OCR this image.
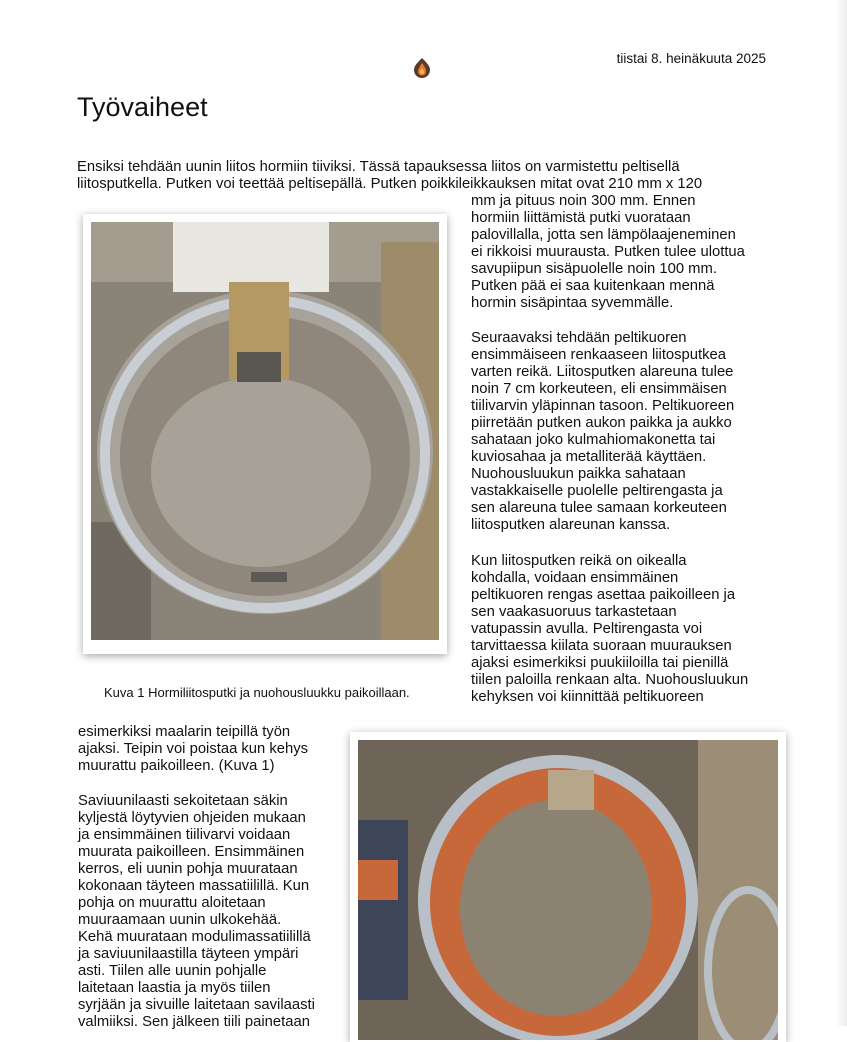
tiistai 8. heinäkuuta 2025
Työvaiheet

Ensiksi tehdään uunin liitos hormiin tiiviksi. Tässä tapauksessa liitos on varmistettu peltisellä
liitosputkella. Putken voi teettää peltisepällä. Putken poikkileikkauksen mitat ovat 210 mm x 120

mm ja pituus noin 300 mm. Ennen
hormiin liittämistä putki vuorataan
palovillalla, jotta sen lämpölaajeneminen
ei rikkoisi muurausta. Putken tulee ulottua
savupiipun sisäpuolelle noin 100 mm.
Putken pää ei saa kuitenkaan mennä
hormin sisäpintaa syvemmälle.

Seuraavaksi tehdään peltikuoren
ensimmäiseen renkaaseen liitosputkea
varten reikä. Liitosputken alareuna tulee
noin 7 cm korkeuteen, eli ensimmäisen
tiilivarvin yläpinnan tasoon. Peltikuoreen
piirretään putken aukon paikka ja aukko
sahataan joko kulmahiomakonetta tai
kuviosahaa ja metalliterää käyttäen.
Nuohousluukun paikka sahataan
vastakkaiselle puolelle peltirengasta ja
sen alareuna tulee samaan korkeuteen
liitosputken alareunan kanssa.

Kun liitosputken reikä on oikealla
kohdalla, voidaan ensimmäinen
peltikuoren rengas asettaa paikoilleen ja
sen vaakasuoruus tarkastetaan
vatupassin avulla. Peltirengasta voi
tarvittaessa kiilata suoraan muurauksen
ajaksi esimerkiksi puukiiloilla tai pienillä
tiilen paloilla renkaan alta. Nuohousluukun
kehyksen voi kiinnittää peltikuoreen

esimerkiksi maalarin teipillä työn
ajaksi. Teipin voi poistaa kun kehys
muurattu paikoilleen. (Kuva 1)

Saviuunilaasti sekoitetaan säkin
kyljestä löytyvien ohjeiden mukaan
ja ensimmäinen tiilivarvi voidaan
muurata paikoilleen. Ensimmäinen
kerros, eli uunin pohja muurataan
kokonaan täyteen massatiilillä. Kun
pohja on muurattu aloitetaan
muuraamaan uunin ulkokehää.
Kehä muurataan modulimassatiilillä
ja saviuunilaastilla täyteen ympäri
asti. Tiilen alle uunin pohjalle
laitetaan laastia ja myös tiilen
syrjään ja sivuille laitetaan savilaasti
valmiiksi. Sen jälkeen tiili painetaan

Kuva 1 Hormiliitosputki ja nuohousluukku paikoillaan.
